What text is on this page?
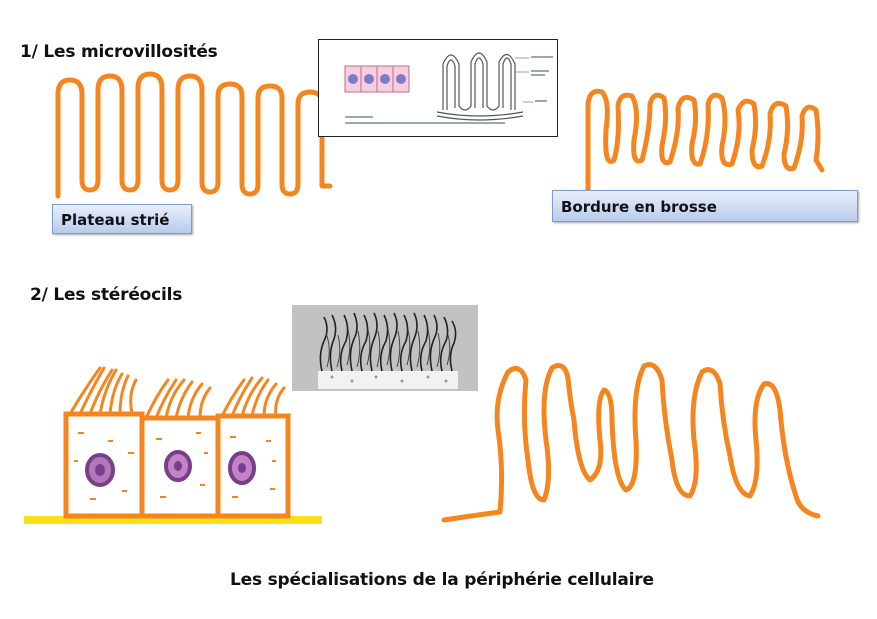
1/ Les microvillosités
2/ Les stéréocils
Plateau strié
Bordure en brosse
Les spécialisations de la périphérie cellulaire
